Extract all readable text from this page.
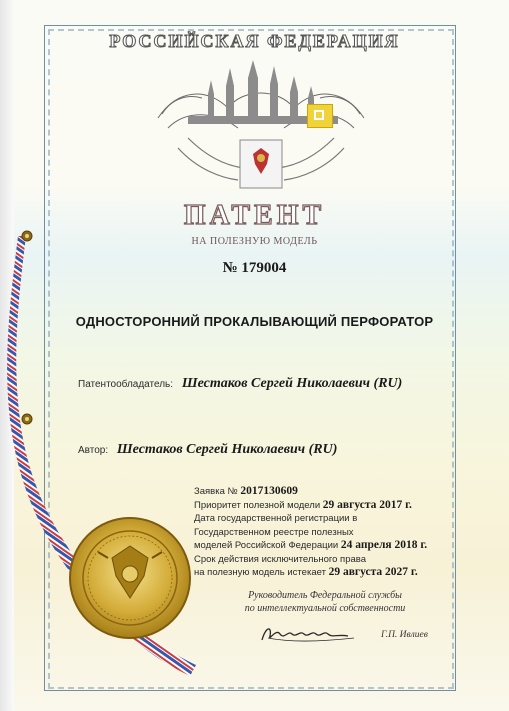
РОССИЙСКАЯ ФЕДЕРАЦИЯ
ПАТЕНТ
НА ПОЛЕЗНУЮ МОДЕЛЬ
№ 179004
ОДНОСТОРОННИЙ ПРОКАЛЫВАЮЩИЙ ПЕРФОРАТОР
Патентообладатель: Шестаков Сергей Николаевич (RU)
Автор: Шестаков Сергей Николаевич (RU)
Заявка № 2017130609
Приоритет полезной модели 29 августа 2017 г.
Дата государственной регистрации в
Государственном реестре полезных
моделей Российской Федерации 24 апреля 2018 г.
Срок действия исключительного права
на полезную модель истекает 29 августа 2027 г.
Руководитель Федеральной службы
по интеллектуальной собственности
Г.П. Ивлиев
